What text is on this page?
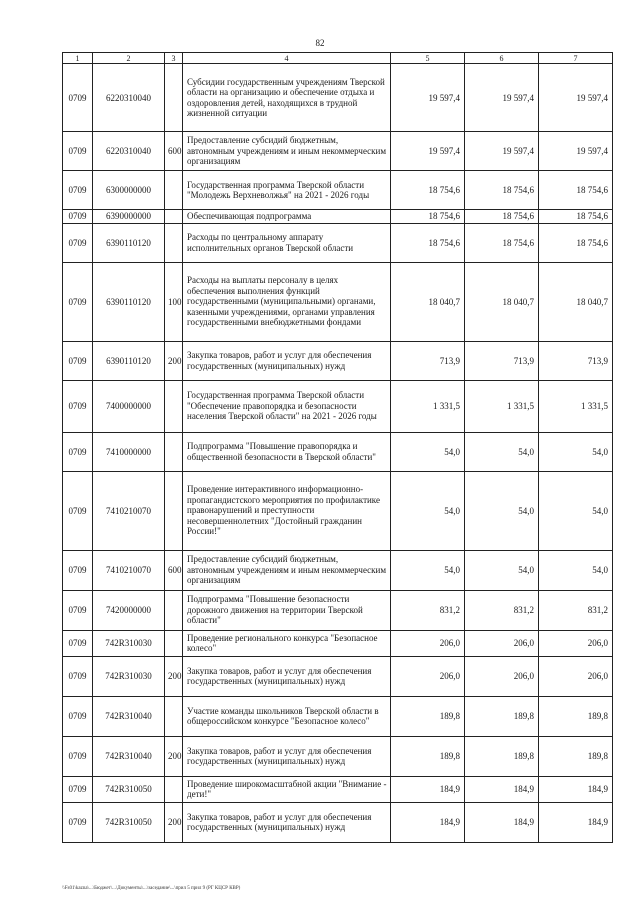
82
1	2	3	4	5	6	7
0709	6220310040		Субсидии государственным учреждениям Тверской области на организацию и обеспечение отдыха и оздоровления детей, находящихся в трудной жизненной ситуации	19 597,4	19 597,4	19 597,4
0709	6220310040	600	Предоставление субсидий бюджетным, автономным учреждениям и иным некоммерческим организациям	19 597,4	19 597,4	19 597,4
0709	6300000000		Государственная программа Тверской области "Молодежь Верхневолжья" на 2021 - 2026 годы	18 754,6	18 754,6	18 754,6
0709	6390000000		Обеспечивающая подпрограмма	18 754,6	18 754,6	18 754,6
0709	6390110120		Расходы по центральному аппарату исполнительных органов Тверской области	18 754,6	18 754,6	18 754,6
0709	6390110120	100	Расходы на выплаты персоналу в целях обеспечения выполнения функций государственными (муниципальными) органами, казенными учреждениями, органами управления государственными внебюджетными фондами	18 040,7	18 040,7	18 040,7
0709	6390110120	200	Закупка товаров, работ и услуг для обеспечения государственных (муниципальных) нужд	713,9	713,9	713,9
0709	7400000000		Государственная программа Тверской области "Обеспечение правопорядка и безопасности населения Тверской области" на 2021 - 2026 годы	1 331,5	1 331,5	1 331,5
0709	7410000000		Подпрограмма "Повышение правопорядка и общественной безопасности в Тверской области"	54,0	54,0	54,0
0709	7410210070		Проведение интерактивного информационно-пропагандистского мероприятия по профилактике правонарушений и преступности несовершеннолетних "Достойный гражданин России!"	54,0	54,0	54,0
0709	7410210070	600	Предоставление субсидий бюджетным, автономным учреждениям и иным некоммерческим организациям	54,0	54,0	54,0
0709	7420000000		Подпрограмма "Повышение безопасности дорожного движения на территории Тверской области"	831,2	831,2	831,2
0709	742R310030		Проведение регионального конкурса "Безопасное колесо"	206,0	206,0	206,0
0709	742R310030	200	Закупка товаров, работ и услуг для обеспечения государственных (муниципальных) нужд	206,0	206,0	206,0
0709	742R310040		Участие команды школьников Тверской области в общероссийском конкурсе "Безопасное колесо"	189,8	189,8	189,8
0709	742R310040	200	Закупка товаров, работ и услуг для обеспечения государственных (муниципальных) нужд	189,8	189,8	189,8
0709	742R310050		Проведение широкомасштабной акции "Внимание - дети!"	184,9	184,9	184,9
0709	742R310050	200	Закупка товаров, работ и услуг для обеспечения государственных (муниципальных) нужд	184,9	184,9	184,9
\\Fs01\kazna\...\Бюджет\...\Документы\...\заседание\...\прил 5 прил 9 (РГ КЦСР КВР)
